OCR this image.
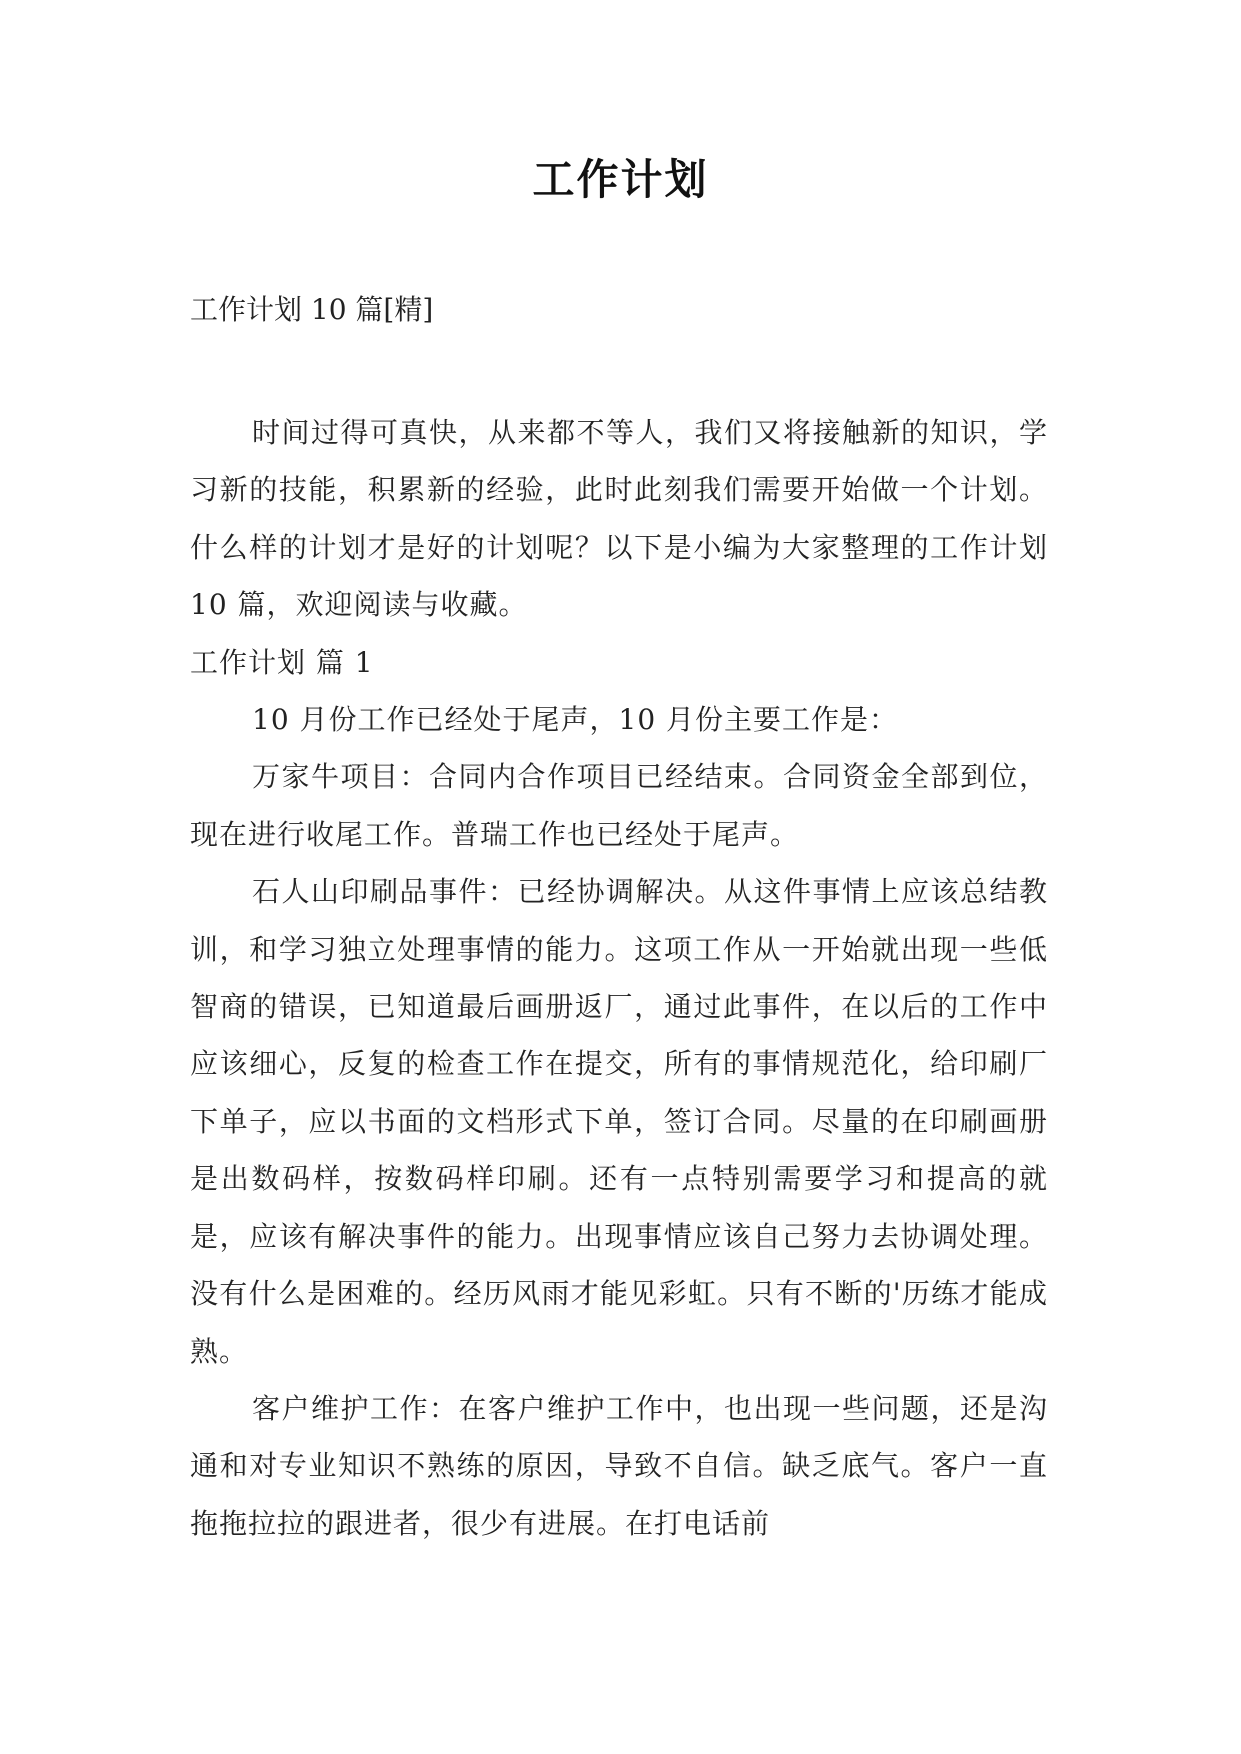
工作计划

工作计划 10 篇[精]

时间过得可真快，从来都不等人，我们又将接触新的知识，学习新的技能，积累新的经验，此时此刻我们需要开始做一个计划。什么样的计划才是好的计划呢？以下是小编为大家整理的工作计划 10 篇，欢迎阅读与收藏。

工作计划 篇 1

10 月份工作已经处于尾声，10 月份主要工作是：

万家牛项目：合同内合作项目已经结束。合同资金全部到位，现在进行收尾工作。普瑞工作也已经处于尾声。

石人山印刷品事件：已经协调解决。从这件事情上应该总结教训，和学习独立处理事情的能力。这项工作从一开始就出现一些低智商的错误，已知道最后画册返厂，通过此事件，在以后的工作中应该细心，反复的检查工作在提交，所有的事情规范化，给印刷厂下单子，应以书面的文档形式下单，签订合同。尽量的在印刷画册是出数码样，按数码样印刷。还有一点特别需要学习和提高的就是，应该有解决事件的能力。出现事情应该自己努力去协调处理。没有什么是困难的。经历风雨才能见彩虹。只有不断的'历练才能成熟。

客户维护工作：在客户维护工作中，也出现一些问题，还是沟通和对专业知识不熟练的原因，导致不自信。缺乏底气。客户一直拖拖拉拉的跟进者，很少有进展。在打电话前
